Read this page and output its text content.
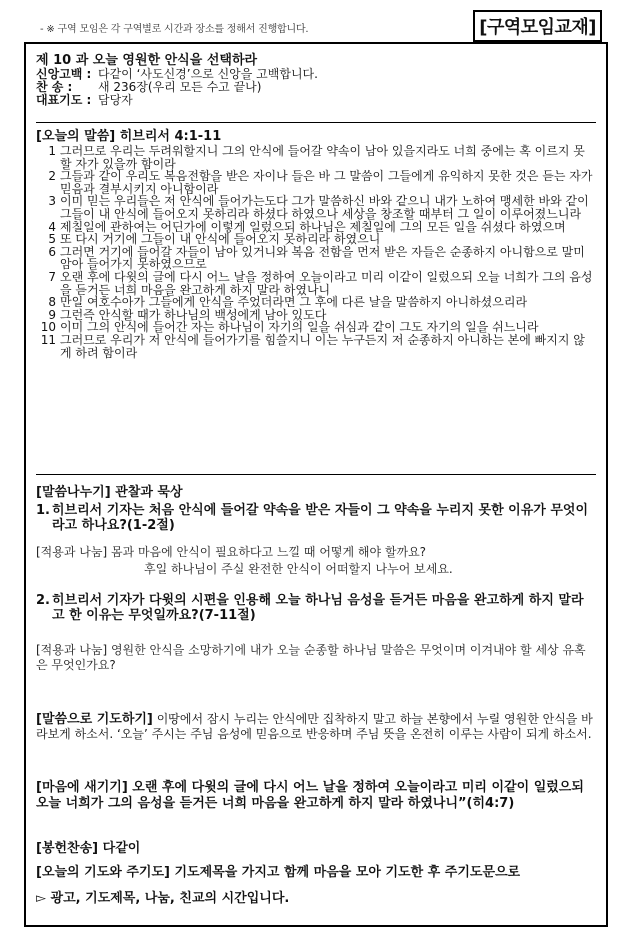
- ※ 구역 모임은 각 구역별로 시간과 장소를 정해서 진행합니다.	[구역모임교재]
제 10 과 오늘 영원한 안식을 선택하라
신앙고백 : 다같이 ‘사도신경’으로 신앙을 고백합니다.
찬 송 :	새 236장(우리 모든 수고 끝나)
대표기도 : 담당자
[오늘의 말씀] 히브리서 4:1-11
1 그러므로 우리는 두려워할지니 그의 안식에 들어갈 약속이 남아 있을지라도 너희 중에는 혹 이르지 못할 자가 있을까 함이라
2 그들과 같이 우리도 복음전함을 받은 자이나 들은 바 그 말씀이 그들에게 유익하지 못한 것은 듣는 자가 믿음과 결부시키지 아니함이라
3 이미 믿는 우리들은 저 안식에 들어가는도다 그가 말씀하신 바와 같으니 내가 노하여 맹세한 바와 같이 그들이 내 안식에 들어오지 못하리라 하셨다 하였으나 세상을 창조할 때부터 그 일이 이루어졌느니라
4 제칠일에 관하여는 어딘가에 이렇게 일렀으되 하나님은 제칠일에 그의 모든 일을 쉬셨다 하였으며
5 또 다시 거기에 그들이 내 안식에 들어오지 못하리라 하였으니
6 그러면 거기에 들어갈 자들이 남아 있거니와 복음 전함을 먼저 받은 자들은 순종하지 아니함으로 말미암아 들어가지 못하였으므로
7 오랜 후에 다윗의 글에 다시 어느 날을 정하여 오늘이라고 미리 이같이 일렀으되 오늘 너희가 그의 음성을 듣거든 너희 마음을 완고하게 하지 말라 하였나니
8 만일 여호수아가 그들에게 안식을 주었더라면 그 후에 다른 날을 말씀하지 아니하셨으리라
9 그런즉 안식할 때가 하나님의 백성에게 남아 있도다
10 이미 그의 안식에 들어간 자는 하나님이 자기의 일을 쉬심과 같이 그도 자기의 일을 쉬느니라
11 그러므로 우리가 저 안식에 들어가기를 힘쓸지니 이는 누구든지 저 순종하지 아니하는 본에 빠지지 않게 하려 함이라
[말씀나누기] 관찰과 묵상
1. 히브리서 기자는 처음 안식에 들어갈 약속을 받은 자들이 그 약속을 누리지 못한 이유가 무엇이라고 하나요?(1-2절)
[적용과 나눔] 몸과 마음에 안식이 필요하다고 느낄 때 어떻게 해야 할까요?
후일 하나님이 주실 완전한 안식이 어떠할지 나누어 보세요.
2. 히브리서 기자가 다윗의 시편을 인용해 오늘 하나님 음성을 듣거든 마음을 완고하게 하지 말라고 한 이유는 무엇일까요?(7-11절)
[적용과 나눔] 영원한 안식을 소망하기에 내가 오늘 순종할 하나님 말씀은 무엇이며 이겨내야 할 세상 유혹은 무엇인가요?
[말씀으로 기도하기] 이땅에서 잠시 누리는 안식에만 집착하지 말고 하늘 본향에서 누릴 영원한 안식을 바라보게 하소서. ‘오늘’ 주시는 주님 음성에 믿음으로 반응하며 주님 뜻을 온전히 이루는 사람이 되게 하소서.
[마음에 새기기] 오랜 후에 다윗의 글에 다시 어느 날을 정하여 오늘이라고 미리 이같이 일렀으되 오늘 너희가 그의 음성을 듣거든 너희 마음을 완고하게 하지 말라 하였나니”(히4:7)
[봉헌찬송] 다같이
[오늘의 기도와 주기도] 기도제목을 가지고 함께 마음을 모아 기도한 후 주기도문으로
▻ 광고, 기도제목, 나눔, 친교의 시간입니다.
